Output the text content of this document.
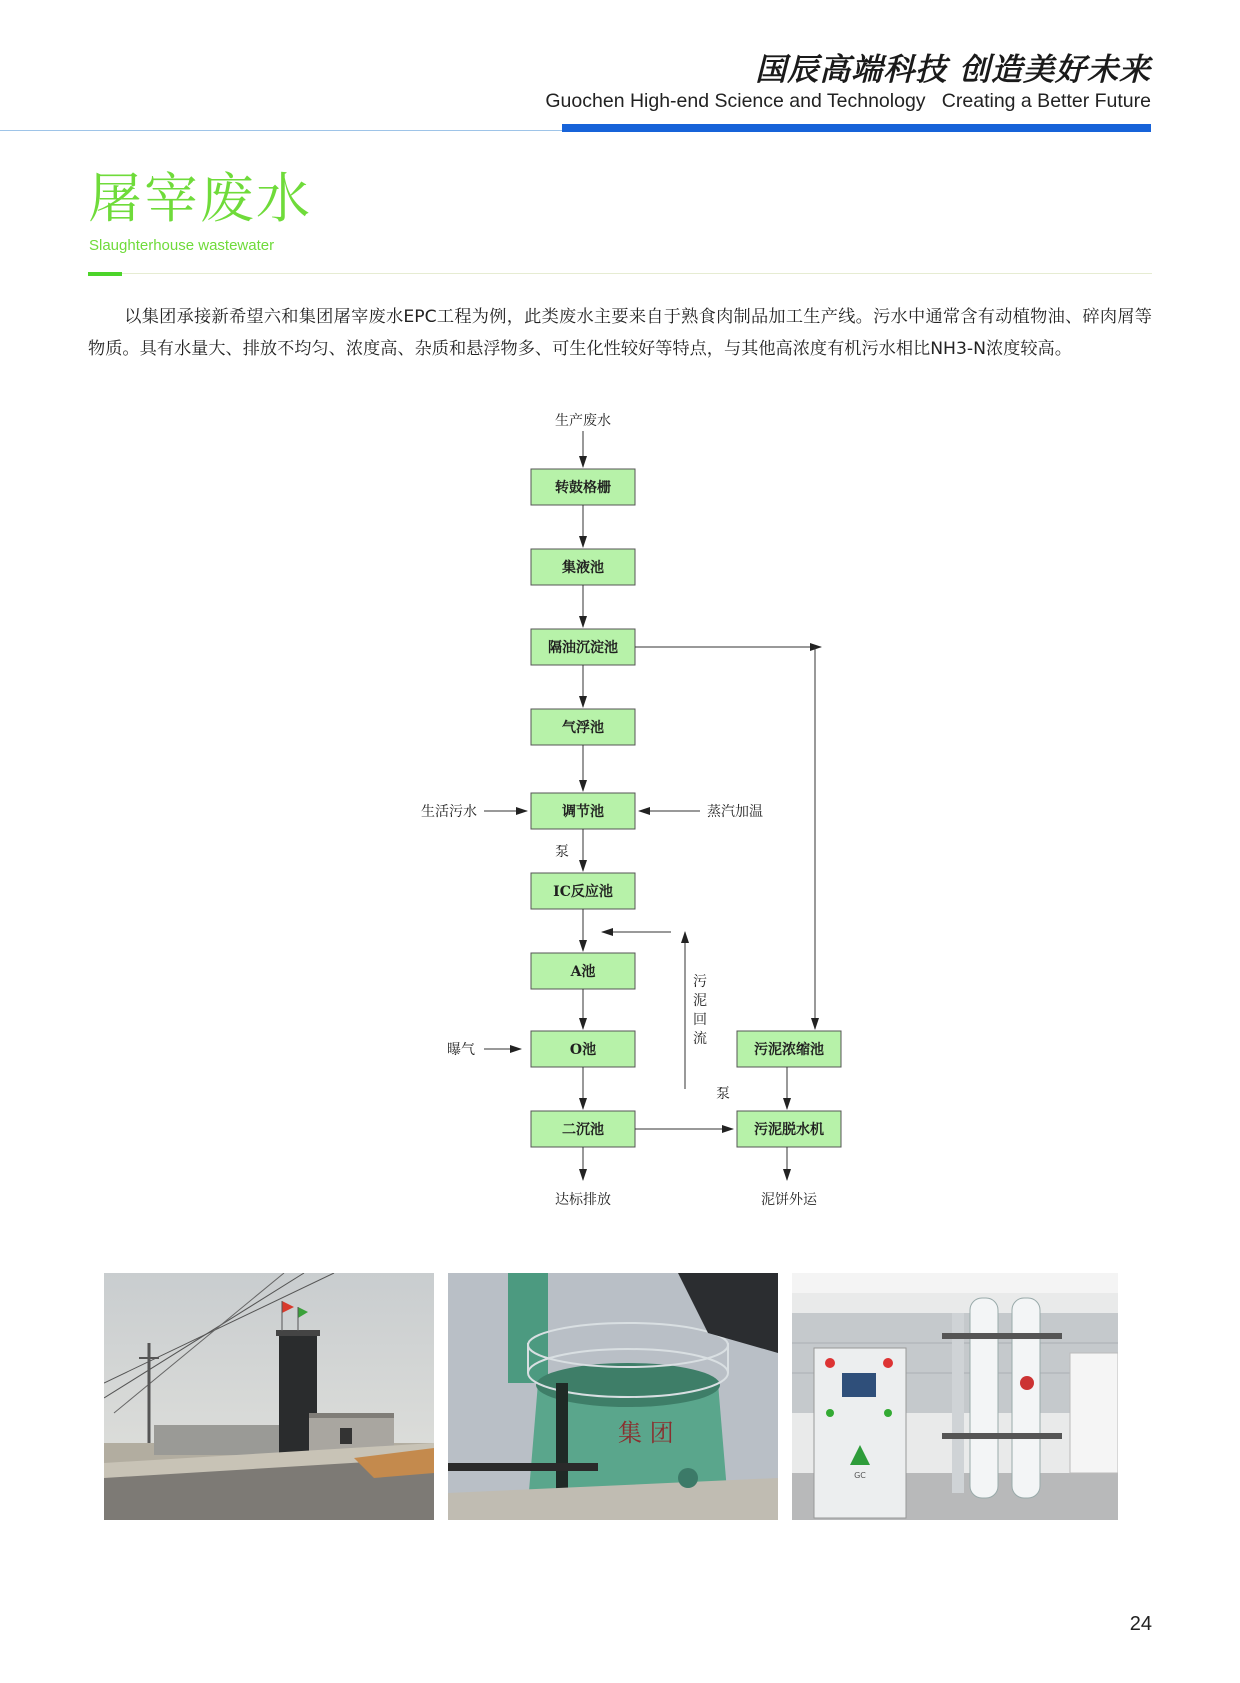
国辰高端科技 创造美好未来
Guochen High-end Science and Technology   Creating a Better Future
屠宰废水
Slaughterhouse wastewater

以集团承接新希望六和集团屠宰废水EPC工程为例，此类废水主要来自于熟食肉制品加工生产线。污水中通常含有动植物油、碎肉屑等物质。具有水量大、排放不均匀、浓度高、杂质和悬浮物多、可生化性较好等特点，与其他高浓度有机污水相比NH3-N浓度较高。

生产废水
转鼓格栅
集液池
隔油沉淀池
气浮池
生活污水	调节池	蒸汽加温
泵
IC反应池
A池
曝气	O池
污
泥
回
流
污泥浓缩池
泵
二沉池	污泥脱水机
达标排放	泥饼外运
集 团
GC
24
